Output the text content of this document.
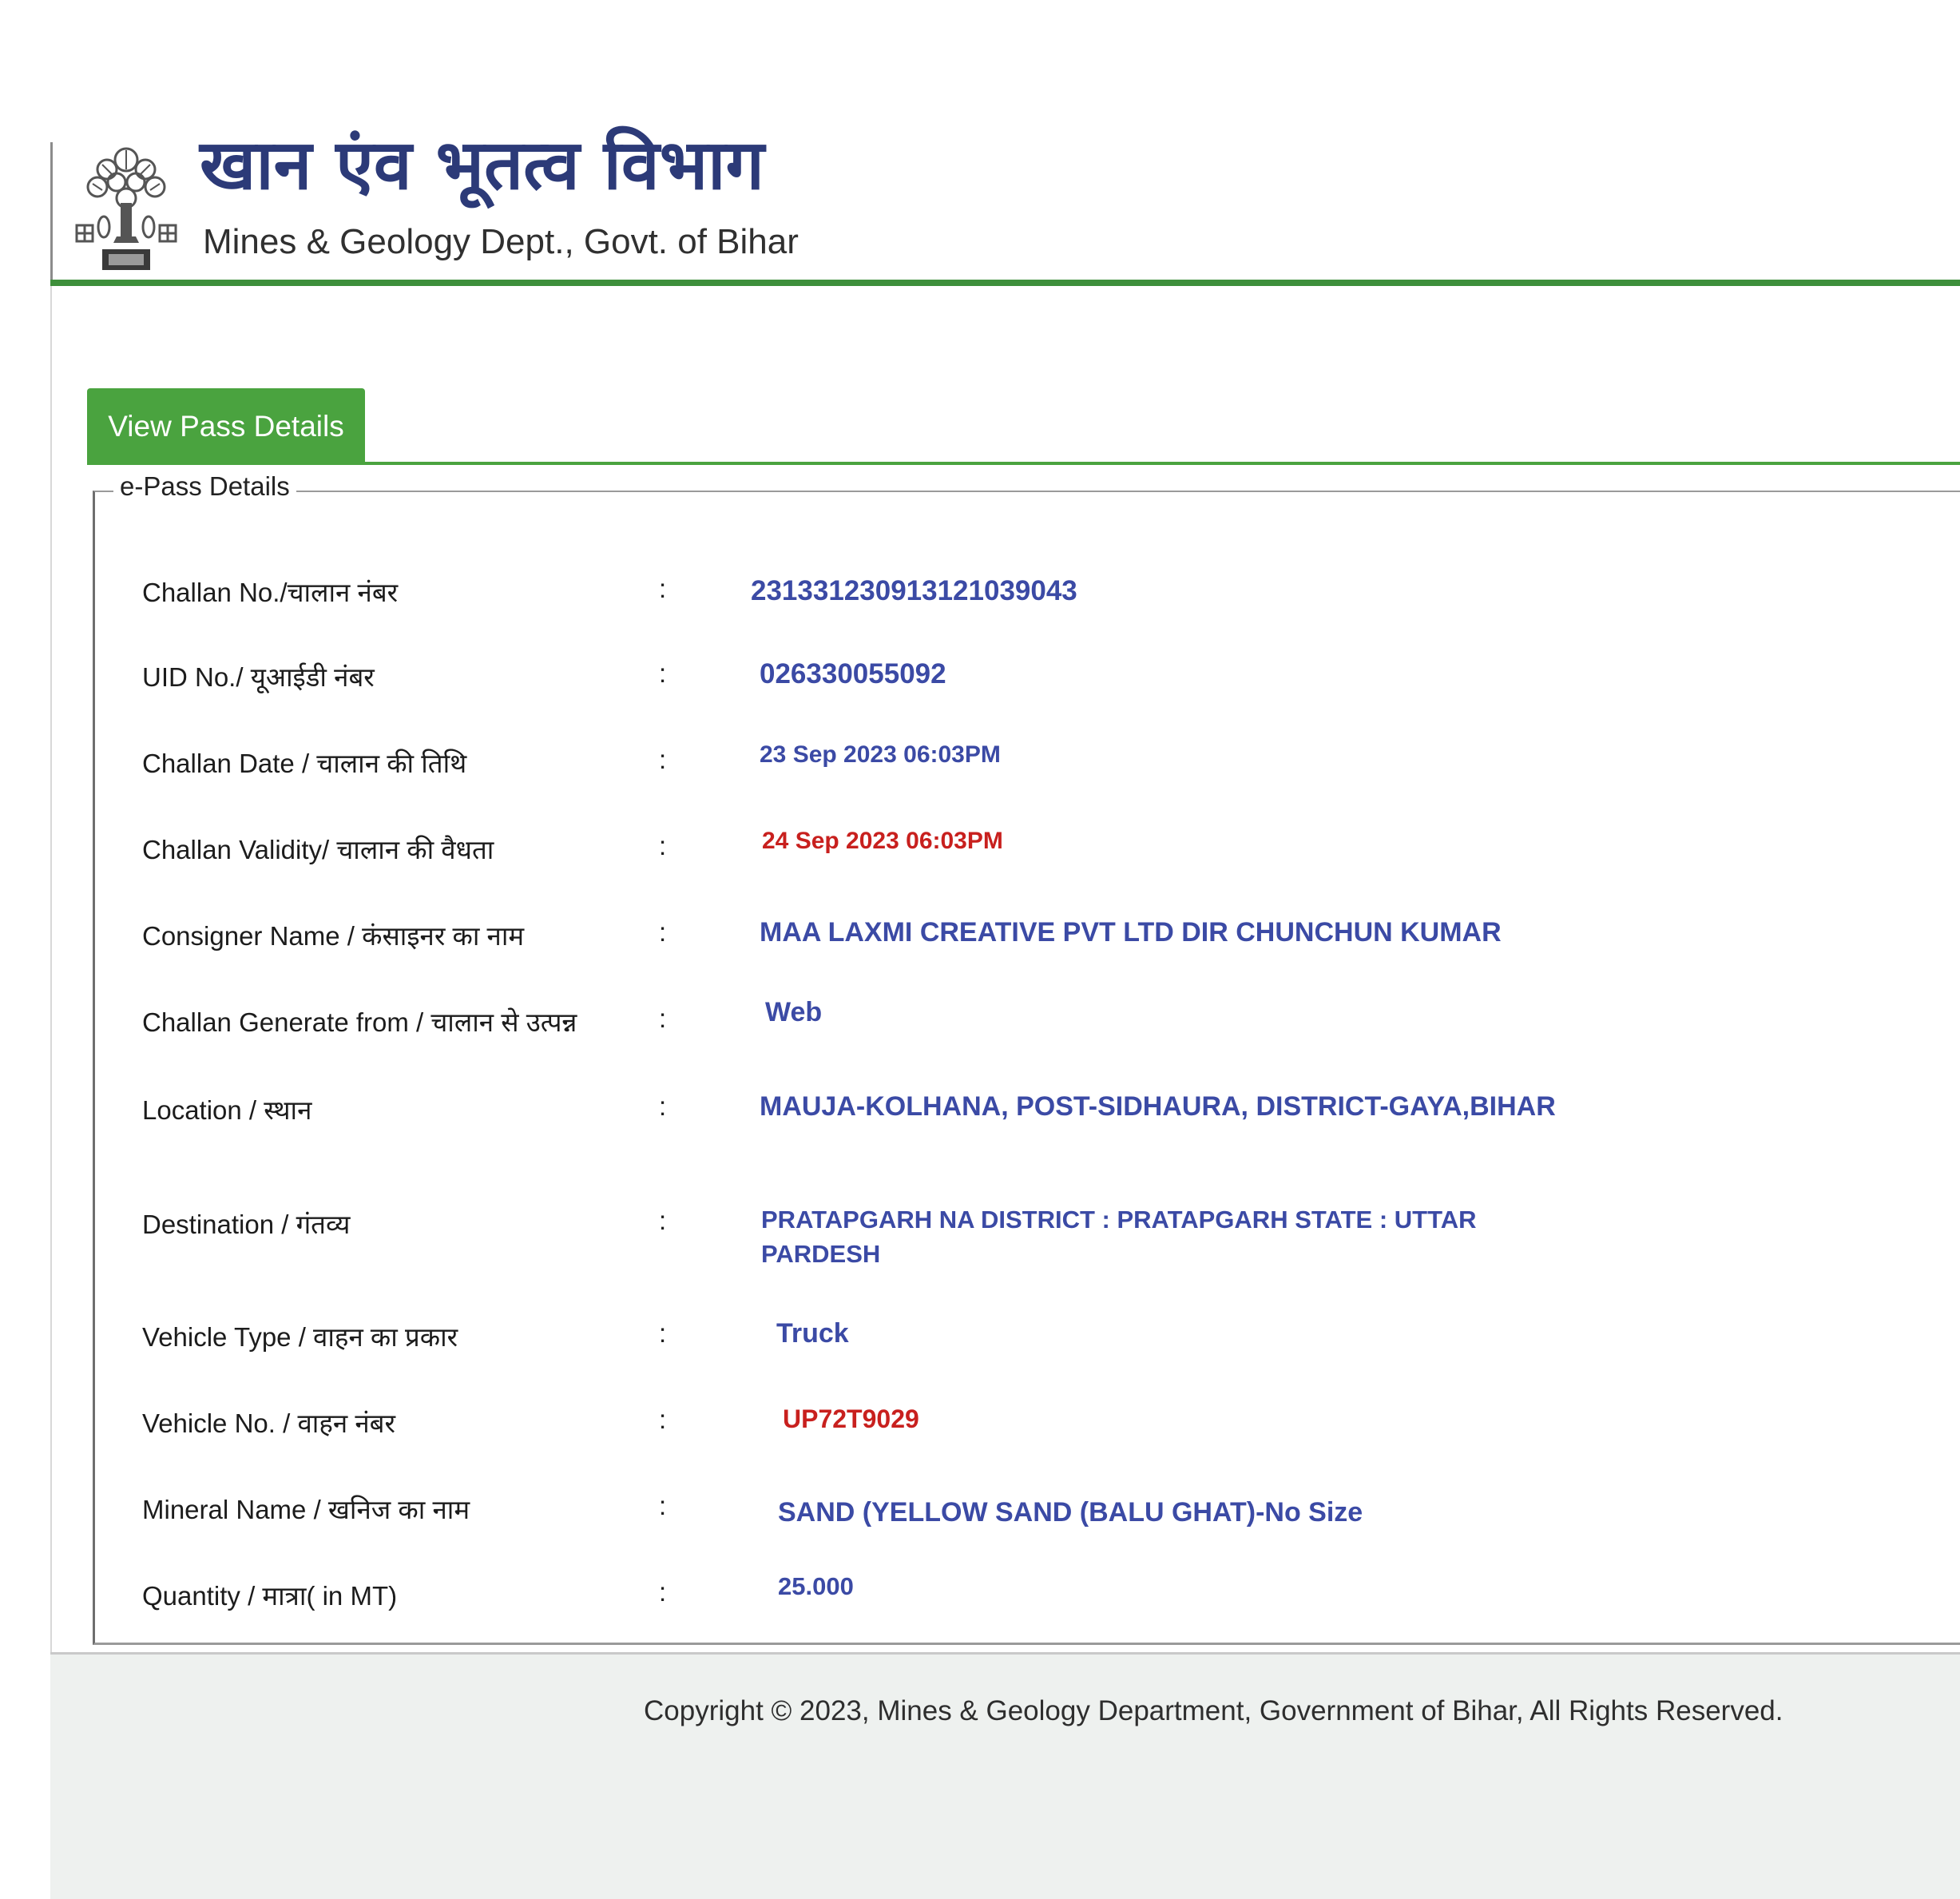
खान एंव भूतत्व विभाग
Mines & Geology Dept., Govt. of Bihar
View Pass Details
e-Pass Details
Challan No./चालान नंबर	:	231331230913121039043
UID No./ यूआईडी नंबर	:	026330055092
Challan Date / चालान की तिथि	:	23 Sep 2023 06:03PM
Challan Validity/ चालान की वैधता	:	24 Sep 2023 06:03PM
Consigner Name / कंसाइनर का नाम	:	MAA LAXMI CREATIVE PVT LTD DIR CHUNCHUN KUMAR
Challan Generate from / चालान से उत्पन्न	:	Web
Location / स्थान	:	MAUJA-KOLHANA, POST-SIDHAURA, DISTRICT-GAYA,BIHAR
Destination / गंतव्य	:	PRATAPGARH NA DISTRICT : PRATAPGARH STATE : UTTAR
PARDESH
Vehicle Type / वाहन का प्रकार	:	Truck
Vehicle No. / वाहन नंबर	:	UP72T9029
Mineral Name / खनिज का नाम	:	SAND (YELLOW SAND (BALU GHAT)-No Size
Quantity / मात्रा( in MT)	:	25.000
Copyright © 2023, Mines & Geology Department, Government of Bihar, All Rights Reserved.
